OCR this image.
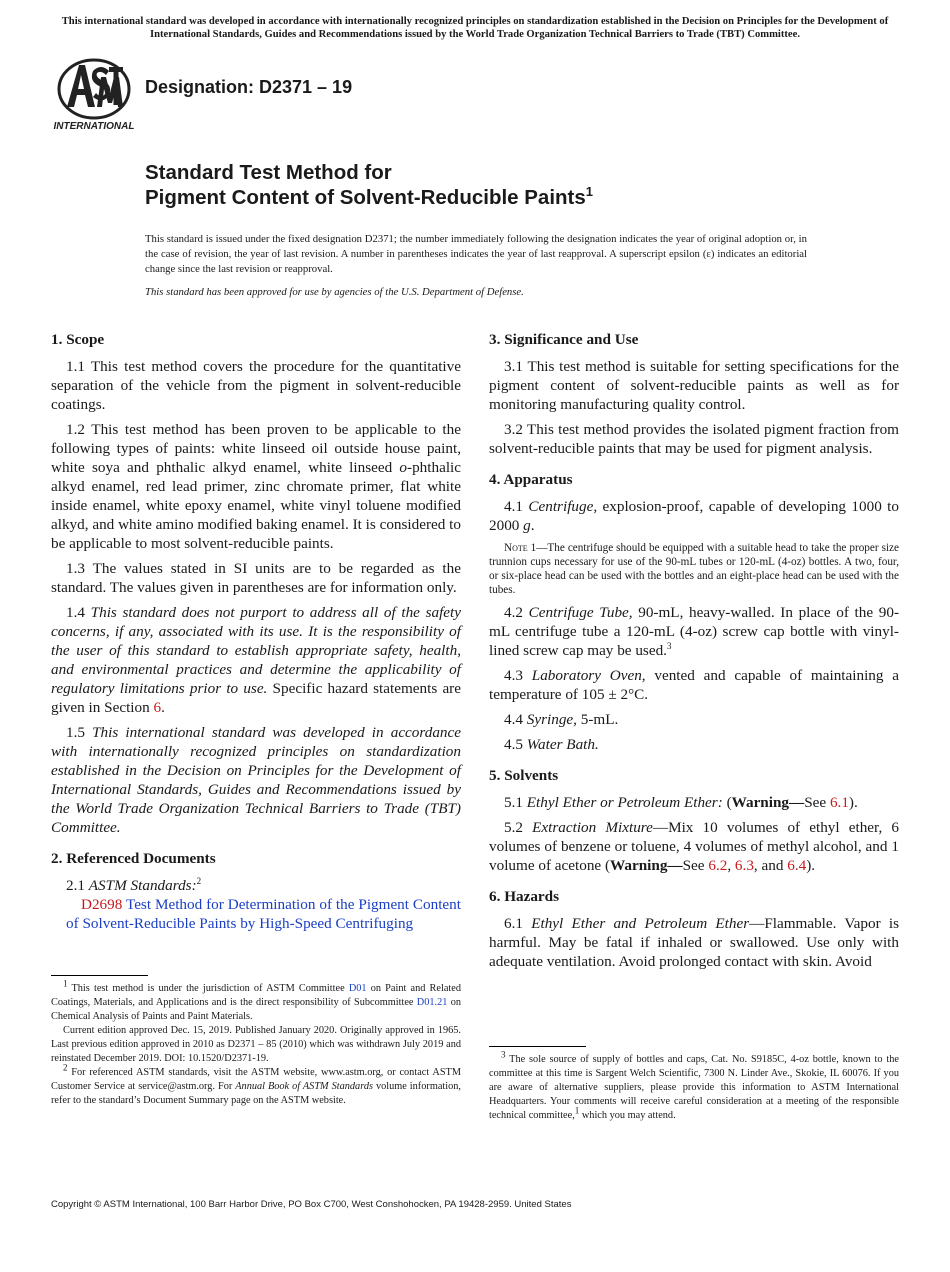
This international standard was developed in accordance with internationally recognized principles on standardization established in the Decision on Principles for the Development of International Standards, Guides and Recommendations issued by the World Trade Organization Technical Barriers to Trade (TBT) Committee.
INTERNATIONAL
Designation: D2371 – 19
Standard Test Method for
Pigment Content of Solvent-Reducible Paints$^1$
This standard is issued under the fixed designation D2371; the number immediately following the designation indicates the year of original adoption or, in the case of revision, the year of last revision. A number in parentheses indicates the year of last reapproval. A superscript epsilon (ε) indicates an editorial change since the last revision or reapproval.
This standard has been approved for use by agencies of the U.S. Department of Defense.
1. Scope

1.1 This test method covers the procedure for the quantitative separation of the vehicle from the pigment in solvent-reducible coatings.

1.2 This test method has been proven to be applicable to the following types of paints: white linseed oil outside house paint, white soya and phthalic alkyd enamel, white linseed o-phthalic alkyd enamel, red lead primer, zinc chromate primer, flat white inside enamel, white epoxy enamel, white vinyl toluene modified alkyd, and white amino modified baking enamel. It is considered to be applicable to most solvent-reducible paints.

1.3 The values stated in SI units are to be regarded as the standard. The values given in parentheses are for information only.

1.4 This standard does not purport to address all of the safety concerns, if any, associated with its use. It is the responsibility of the user of this standard to establish appropriate safety, health, and environmental practices and determine the applicability of regulatory limitations prior to use. Specific hazard statements are given in Section 6.

1.5 This international standard was developed in accordance with internationally recognized principles on standardization established in the Decision on Principles for the Development of International Standards, Guides and Recommendations issued by the World Trade Organization Technical Barriers to Trade (TBT) Committee.

2. Referenced Documents

2.1 ASTM Standards:$^2$

D2698 Test Method for Determination of the Pigment Content of Solvent-Reducible Paints by High-Speed Centrifuging

3. Significance and Use

3.1 This test method is suitable for setting specifications for the pigment content of solvent-reducible paints as well as for monitoring manufacturing quality control.

3.2 This test method provides the isolated pigment fraction from solvent-reducible paints that may be used for pigment analysis.

4. Apparatus

4.1 Centrifuge, explosion-proof, capable of developing 1000 to 2000 g.

Note 1—The centrifuge should be equipped with a suitable head to take the proper size trunnion cups necessary for use of the 90-mL tubes or 120-mL (4-oz) bottles. A two, four, or six-place head can be used with the bottles and an eight-place head can be used with the tubes.

4.2 Centrifuge Tube, 90-mL, heavy-walled. In place of the 90-mL centrifuge tube a 120-mL (4-oz) screw cap bottle with vinyl-lined screw cap may be used.$^3$

4.3 Laboratory Oven, vented and capable of maintaining a temperature of 105 ± 2°C.

4.4 Syringe, 5-mL.

4.5 Water Bath.

5. Solvents

5.1 Ethyl Ether or Petroleum Ether: (Warning—See 6.1).

5.2 Extraction Mixture—Mix 10 volumes of ethyl ether, 6 volumes of benzene or toluene, 4 volumes of methyl alcohol, and 1 volume of acetone (Warning—See 6.2, 6.3, and 6.4).

6. Hazards

6.1 Ethyl Ether and Petroleum Ether—Flammable. Vapor is harmful. May be fatal if inhaled or swallowed. Use only with adequate ventilation. Avoid prolonged contact with skin. Avoid

$^1$ This test method is under the jurisdiction of ASTM Committee D01 on Paint and Related Coatings, Materials, and Applications and is the direct responsibility of Subcommittee D01.21 on Chemical Analysis of Paints and Paint Materials.

Current edition approved Dec. 15, 2019. Published January 2020. Originally approved in 1965. Last previous edition approved in 2010 as D2371 – 85 (2010) which was withdrawn July 2019 and reinstated December 2019. DOI: 10.1520/D2371-19.

$^2$ For referenced ASTM standards, visit the ASTM website, www.astm.org, or contact ASTM Customer Service at service@astm.org. For Annual Book of ASTM Standards volume information, refer to the standard’s Document Summary page on the ASTM website.

$^3$ The sole source of supply of bottles and caps, Cat. No. S9185C, 4-oz bottle, known to the committee at this time is Sargent Welch Scientific, 7300 N. Linder Ave., Skokie, IL 60076. If you are aware of alternative suppliers, please provide this information to ASTM International Headquarters. Your comments will receive careful consideration at a meeting of the responsible technical committee,$^1$ which you may attend.

Copyright © ASTM International, 100 Barr Harbor Drive, PO Box C700, West Conshohocken, PA 19428-2959. United States
